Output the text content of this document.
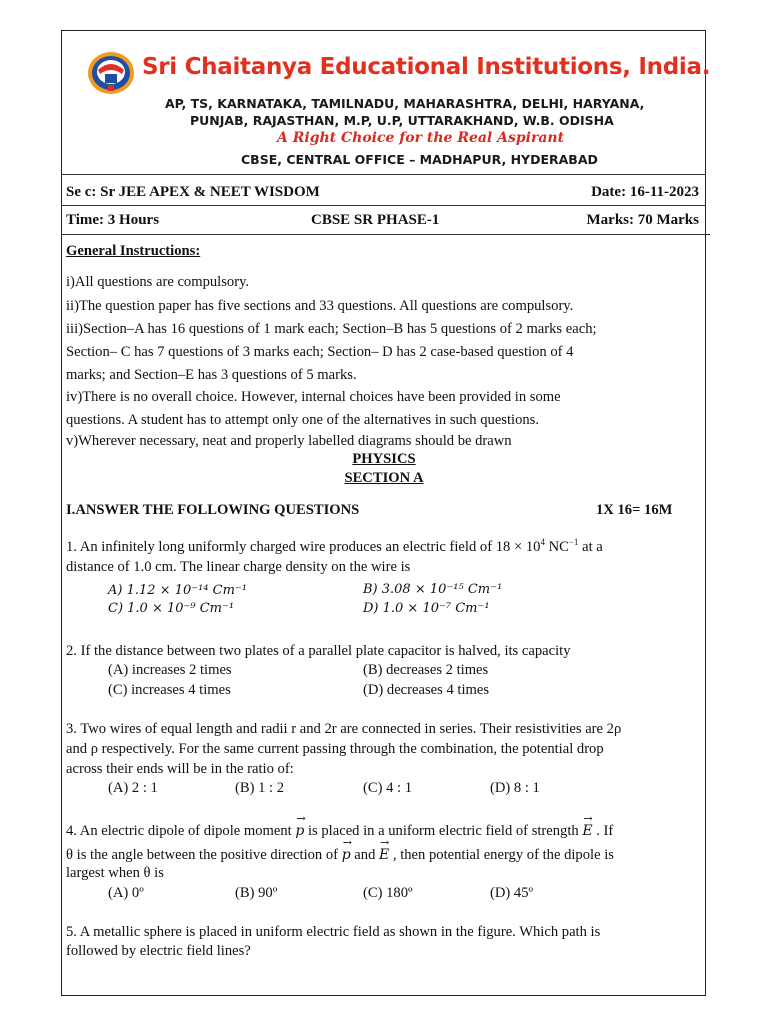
Sri Chaitanya Educational Institutions, India.
AP, TS, KARNATAKA, TAMILNADU, MAHARASHTRA, DELHI, HARYANA,
PUNJAB, RAJASTHAN, M.P, U.P, UTTARAKHAND, W.B. ODISHA
A Right Choice for the Real Aspirant
CBSE, CENTRAL OFFICE – MADHAPUR, HYDERABAD
Se c: Sr JEE APEX & NEET WISDOM	Date: 16-11-2023
Time: 3 Hours	CBSE SR PHASE-1	Marks: 70 Marks
General Instructions:
i)All questions are compulsory.
ii)The question paper has five sections and 33 questions. All questions are compulsory.
iii)Section–A has 16 questions of 1 mark each; Section–B has 5 questions of 2 marks each;
Section– C has 7 questions of 3 marks each; Section– D has 2 case-based question of 4
marks; and Section–E has 3 questions of 5 marks.
iv)There is no overall choice. However, internal choices have been provided in some
questions. A student has to attempt only one of the alternatives in such questions.
v)Wherever necessary, neat and properly labelled diagrams should be drawn
PHYSICS
SECTION A
I.ANSWER THE FOLLOWING QUESTIONS	1X 16= 16M
1. An infinitely long uniformly charged wire produces an electric field of $18 \times 10^4$ $NC^{-1}$ at a
distance of 1.0 cm. The linear charge density on the wire is
A) 1.12 × 10⁻¹⁴ Cm⁻¹	B) 3.08 × 10⁻¹⁵ Cm⁻¹
C) 1.0 × 10⁻⁹ Cm⁻¹	D) 1.0 × 10⁻⁷ Cm⁻¹
2. If the distance between two plates of a parallel plate capacitor is halved, its capacity
(A) increases 2 times	(B) decreases 2 times
(C) increases 4 times	(D) decreases 4 times
3. Two wires of equal length and radii r and 2r are connected in series. Their resistivities are 2ρ
and ρ respectively. For the same current passing through the combination, the potential drop
across their ends will be in the ratio of:
(A) 2 : 1	(B) 1 : 2	(C) 4 : 1	(D) 8 : 1
4. An electric dipole of dipole moment → p is placed in a uniform electric field of strength → E . If
θ is the angle between the positive direction of → p and → E , then potential energy of the dipole is
largest when θ is
(A) 0º	(B) 90º	(C) 180º	(D) 45º
5. A metallic sphere is placed in uniform electric field as shown in the figure. Which path is
followed by electric field lines?
